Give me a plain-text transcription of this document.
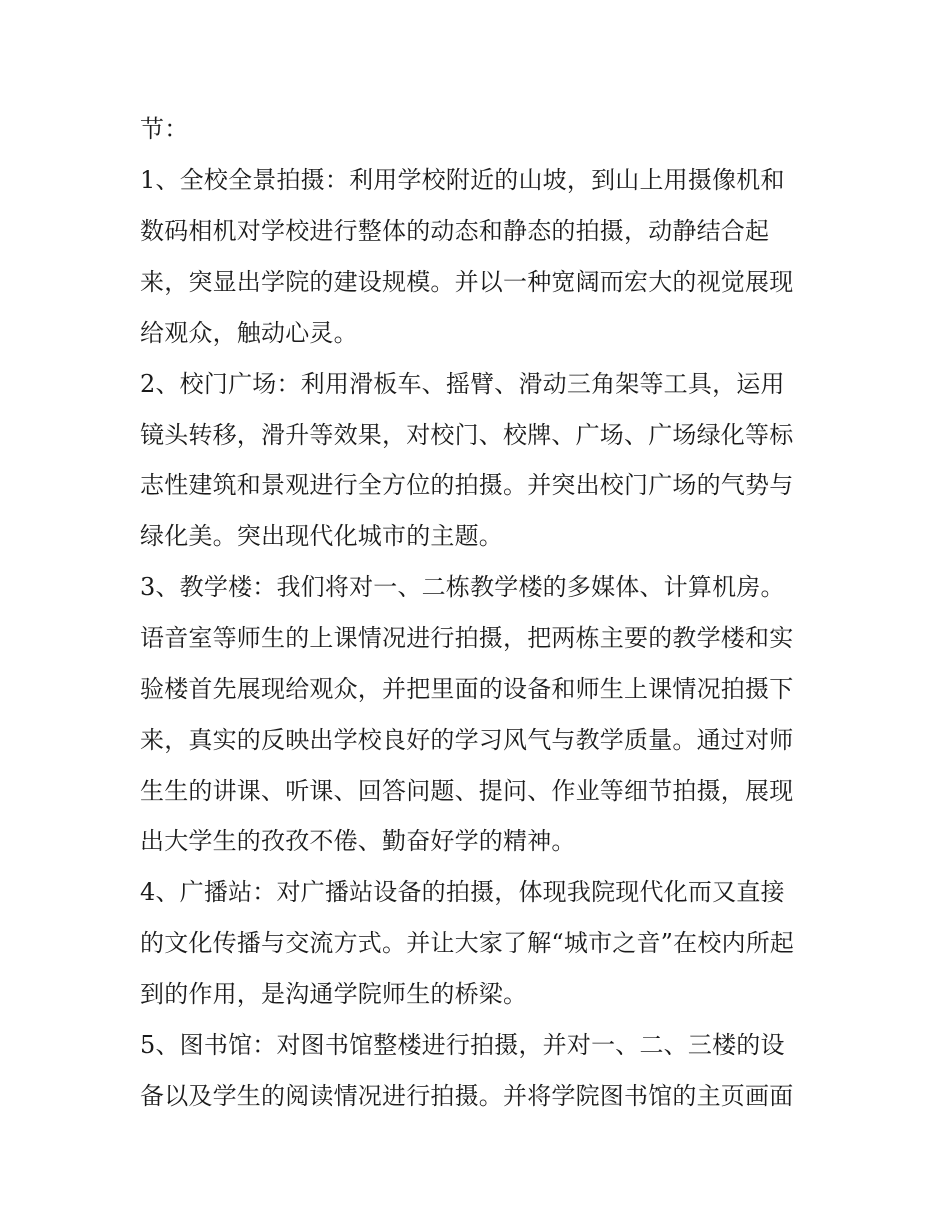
节：
1、全校全景拍摄：利用学校附近的山坡，到山上用摄像机和
数码相机对学校进行整体的动态和静态的拍摄，动静结合起
来，突显出学院的建设规模。并以一种宽阔而宏大的视觉展现
给观众，触动心灵。
2、校门广场：利用滑板车、摇臂、滑动三角架等工具，运用
镜头转移，滑升等效果，对校门、校牌、广场、广场绿化等标
志性建筑和景观进行全方位的拍摄。并突出校门广场的气势与
绿化美。突出现代化城市的主题。
3、教学楼：我们将对一、二栋教学楼的多媒体、计算机房。
语音室等师生的上课情况进行拍摄，把两栋主要的教学楼和实
验楼首先展现给观众，并把里面的设备和师生上课情况拍摄下
来，真实的反映出学校良好的学习风气与教学质量。通过对师
生生的讲课、听课、回答问题、提问、作业等细节拍摄，展现
出大学生的孜孜不倦、勤奋好学的精神。
4、广播站：对广播站设备的拍摄，体现我院现代化而又直接
的文化传播与交流方式。并让大家了解“城市之音”在校内所起
到的作用，是沟通学院师生的桥梁。
5、图书馆：对图书馆整楼进行拍摄，并对一、二、三楼的设
备以及学生的阅读情况进行拍摄。并将学院图书馆的主页画面
